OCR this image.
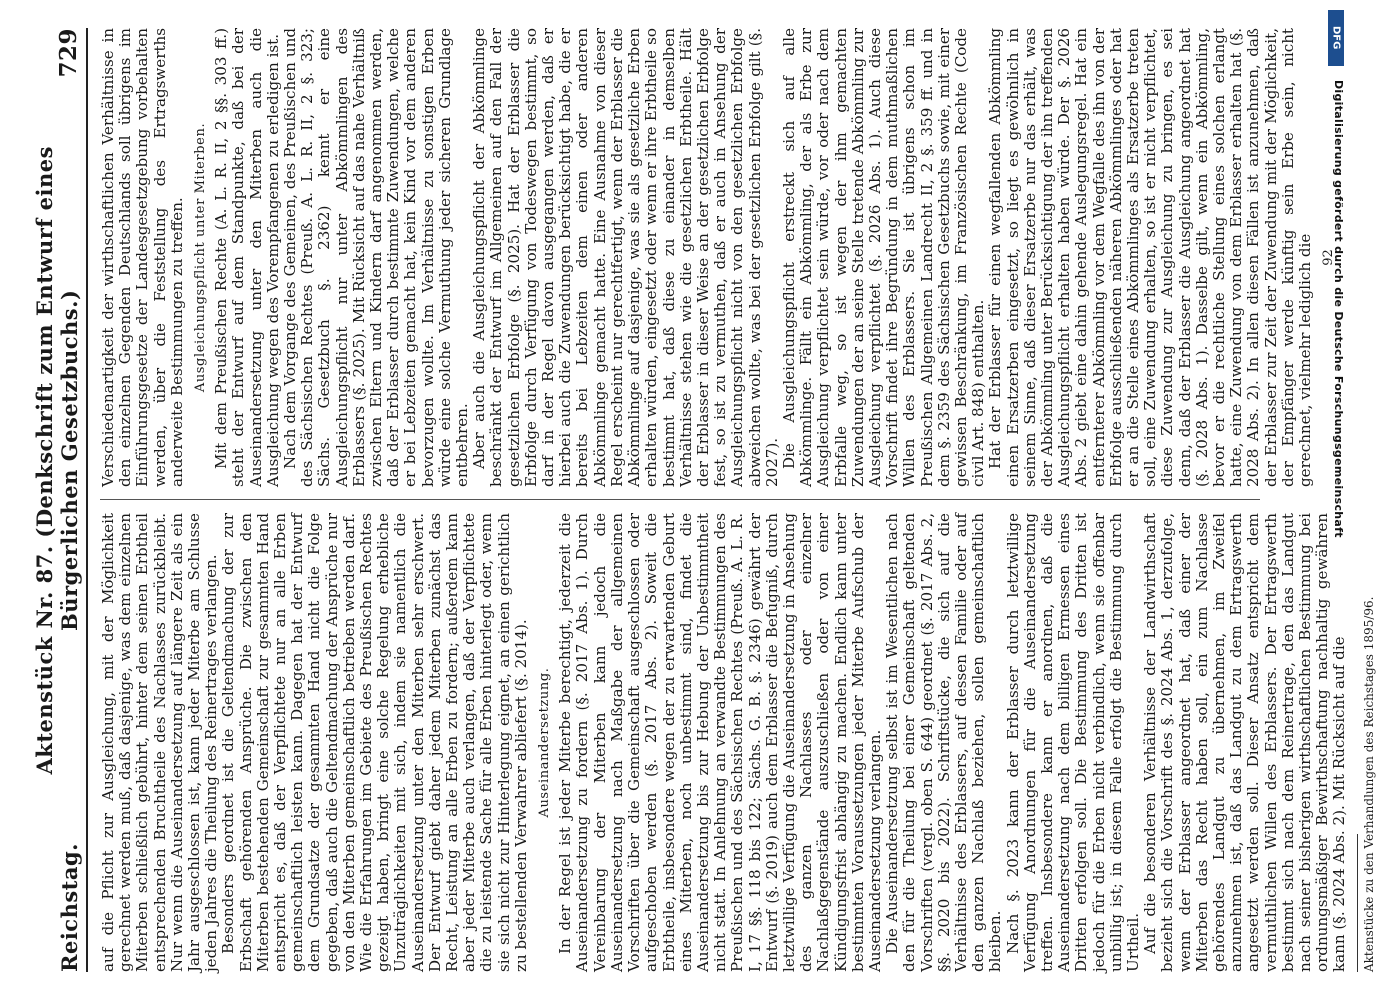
Reichstag.
Aktenstück Nr. 87. (Denkschrift zum Entwurf eines Bürgerlichen Gesetzbuchs.)
729

auf die Pflicht zur Ausgleichung, mit der Möglichkeit gerechnet werden muß, daß dasjenige, was dem einzelnen Miterben schließlich gebührt, hinter dem seinen Erbtheil entsprechenden Bruchtheile des Nachlasses zurückbleibt. Nur wenn die Auseinandersetzung auf längere Zeit als ein Jahr ausgeschlossen ist, kann jeder Miterbe am Schlusse jeden Jahres die Theilung des Reinertrages verlangen. Besonders geordnet ist die Geltendmachung der zur Erbschaft gehörenden Ansprüche. Die zwischen den Miterben bestehenden Gemeinschaft zur gesammten Hand entspricht es, daß der Verpflichtete nur an alle Erben gemeinschaftlich leisten kann. Dagegen hat der Entwurf dem Grundsatze der gesammten Hand nicht die Folge gegeben, daß auch die Geltendmachung der Ansprüche nur von den Miterben gemeinschaftlich betrieben werden darf. Wie die Erfahrungen im Gebiete des Preußischen Rechtes gezeigt haben, bringt eine solche Regelung erhebliche Unzuträglichkeiten mit sich, indem sie namentlich die Auseinandersetzung unter den Miterben sehr erschwert. Der Entwurf giebt daher jedem Miterben zunächst das Recht, Leistung an alle Erben zu fordern; außerdem kann aber jeder Miterbe auch verlangen, daß der Verpflichtete die zu leistende Sache für alle Erben hinterlegt oder, wenn sie sich nicht zur Hinterlegung eignet, an einen gerichtlich zu bestellenden Verwahrer abliefert (§. 2014). Auseinandersetzung. In der Regel ist jeder Miterbe berechtigt, jederzeit die Auseinandersetzung zu fordern (§. 2017 Abs. 1). Durch Vereinbarung der Miterben kann jedoch die Auseinandersetzung nach Maßgabe der allgemeinen Vorschriften über die Gemeinschaft ausgeschlossen oder aufgeschoben werden (§. 2017 Abs. 2). Soweit die Erbtheile, insbesondere wegen der zu erwartenden Geburt eines Miterben, noch unbestimmt sind, findet die Auseinandersetzung bis zur Hebung der Unbestimmtheit nicht statt. In Anlehnung an verwandte Bestimmungen des Preußischen und des Sächsischen Rechtes (Preuß. A. L. R. I, 17 §§. 118 bis 122; Sächs. G. B. §. 2346) gewährt der Entwurf (§. 2019) auch dem Erblasser die Befugniß, durch letztwillige Verfügung die Auseinandersetzung in Ansehung des ganzen Nachlasses oder einzelner Nachlaßgegenstände auszuschließen oder von einer Kündigungsfrist abhängig zu machen. Endlich kann unter bestimmten Voraussetzungen jeder Miterbe Aufschub der Auseinandersetzung verlangen. Die Auseinandersetzung selbst ist im Wesentlichen nach den für die Theilung bei einer Gemeinschaft geltenden Vorschriften (vergl. oben S. 644) geordnet (§. 2017 Abs. 2, §§. 2020 bis 2022). Schriftstücke, die sich auf die Verhältnisse des Erblassers, auf dessen Familie oder auf den ganzen Nachlaß beziehen, sollen gemeinschaftlich bleiben. Nach §. 2023 kann der Erblasser durch letztwillige Verfügung Anordnungen für die Auseinandersetzung treffen. Insbesondere kann er anordnen, daß die Auseinandersetzung nach dem billigen Ermessen eines Dritten erfolgen soll. Die Bestimmung des Dritten ist jedoch für die Erben nicht verbindlich, wenn sie offenbar unbillig ist; in diesem Falle erfolgt die Bestimmung durch Urtheil. Auf die besonderen Verhältnisse der Landwirthschaft bezieht sich die Vorschrift des §. 2024 Abs. 1, derzufolge, wenn der Erblasser angeordnet hat, daß einer der Miterben das Recht haben soll, ein zum Nachlasse gehörendes Landgut zu übernehmen, im Zweifel anzunehmen ist, daß das Landgut zu dem Ertragswerth angesetzt werden soll. Dieser Ansatz entspricht dem vermuthlichen Willen des Erblassers. Der Ertragswerth bestimmt sich nach dem Reinertrage, den das Landgut nach seiner bisherigen wirthschaftlichen Bestimmung bei ordnungsmäßiger Bewirthschaftung nachhaltig gewähren kann (§. 2024 Abs. 2). Mit Rücksicht auf die Aktenstücke zu den Verhandlungen des Reichstages 1895/96.

Verschiedenartigkeit der wirthschaftlichen Verhältnisse in den einzelnen Gegenden Deutschlands soll übrigens im Einführungsgesetze der Landesgesetzgebung vorbehalten werden, über die Feststellung des Ertragswerths anderweite Bestimmungen zu treffen. Ausgleichungspflicht unter Miterben. Mit dem Preußischen Rechte (A. L. R. II, 2 §§. 303 ff.) steht der Entwurf auf dem Standpunkte, daß bei der Auseinandersetzung unter den Miterben auch die Ausgleichung wegen des Vorempfangenen zu erledigen ist. Nach dem Vorgange des Gemeinen, des Preußischen und des Sächsischen Rechtes (Preuß. A. L. R. II, 2 §. 323; Sächs. Gesetzbuch §. 2362) kennt er eine Ausgleichungspflicht nur unter Abkömmlingen des Erblassers (§. 2025). Mit Rücksicht auf das nahe Verhältniß zwischen Eltern und Kindern darf angenommen werden, daß der Erblasser durch bestimmte Zuwendungen, welche er bei Lebzeiten gemacht hat, kein Kind vor dem anderen bevorzugen wollte. Im Verhältnisse zu sonstigen Erben würde eine solche Vermuthung jeder sicheren Grundlage entbehren. Aber auch die Ausgleichungspflicht der Abkömmlinge beschränkt der Entwurf im Allgemeinen auf den Fall der gesetzlichen Erbfolge (§. 2025). Hat der Erblasser die Erbfolge durch Verfügung von Todeswegen bestimmt, so darf in der Regel davon ausgegangen werden, daß er hierbei auch die Zuwendungen berücksichtigt habe, die er bereits bei Lebzeiten dem einen oder anderen Abkömmlinge gemacht hatte. Eine Ausnahme von dieser Regel erscheint nur gerechtfertigt, wenn der Erblasser die Abkömmlinge auf dasjenige, was sie als gesetzliche Erben erhalten würden, eingesetzt oder wenn er ihre Erbtheile so bestimmt hat, daß diese zu einander in demselben Verhältnisse stehen wie die gesetzlichen Erbtheile. Hält der Erblasser in dieser Weise an der gesetzlichen Erbfolge fest, so ist zu vermuthen, daß er auch in Ansehung der Ausgleichungspflicht nicht von den gesetzlichen Erbfolge abweichen wollte, was bei der gesetzlichen Erbfolge gilt (§. 2027). Die Ausgleichungspflicht erstreckt sich auf alle Abkömmlinge. Fällt ein Abkömmling, der als Erbe zur Ausgleichung verpflichtet sein würde, vor oder nach dem Erbfalle weg, so ist wegen der ihm gemachten Zuwendungen der an seine Stelle tretende Abkömmling zur Ausgleichung verpflichtet (§. 2026 Abs. 1). Auch diese Vorschrift findet ihre Begründung in dem muthmaßlichen Willen des Erblassers. Sie ist übrigens schon im Preußischen Allgemeinen Landrecht II, 2 §. 359 ff. und in dem §. 2359 des Sächsischen Gesetzbuchs sowie, mit einer gewissen Beschränkung, im Französischen Rechte (Code civil Art. 848) enthalten. Hat der Erblasser für einen wegfallenden Abkömmling einen Ersatzerben eingesetzt, so liegt es gewöhnlich in seinem Sinne, daß dieser Ersatzerbe nur das erhält, was der Abkömmling unter Berücksichtigung der ihn treffenden Ausgleichungspflicht erhalten haben würde. Der §. 2026 Abs. 2 giebt eine dahin gehende Auslegungsregel. Hat ein entfernterer Abkömmling vor dem Wegfalle des ihn von der Erbfolge ausschließenden näheren Abkömmlinges oder hat er an die Stelle eines Abkömmlinges als Ersatzerbe treten soll, eine Zuwendung erhalten, so ist er nicht verpflichtet, diese Zuwendung zur Ausgleichung zu bringen, es sei denn, daß der Erblasser die Ausgleichung angeordnet hat (§. 2028 Abs. 1). Dasselbe gilt, wenn ein Abkömmling, bevor er die rechtliche Stellung eines solchen erlangt hatte, eine Zuwendung von dem Erblasser erhalten hat (§. 2028 Abs. 2). In allen diesen Fällen ist anzunehmen, daß der Erblasser zur Zeit der Zuwendung mit der Möglichkeit, der Empfänger werde künftig sein Erbe sein, nicht gerechnet, vielmehr lediglich die 92
DFG
Digitalisierung gefördert durch die Deutsche Forschungsgemeinschaft
